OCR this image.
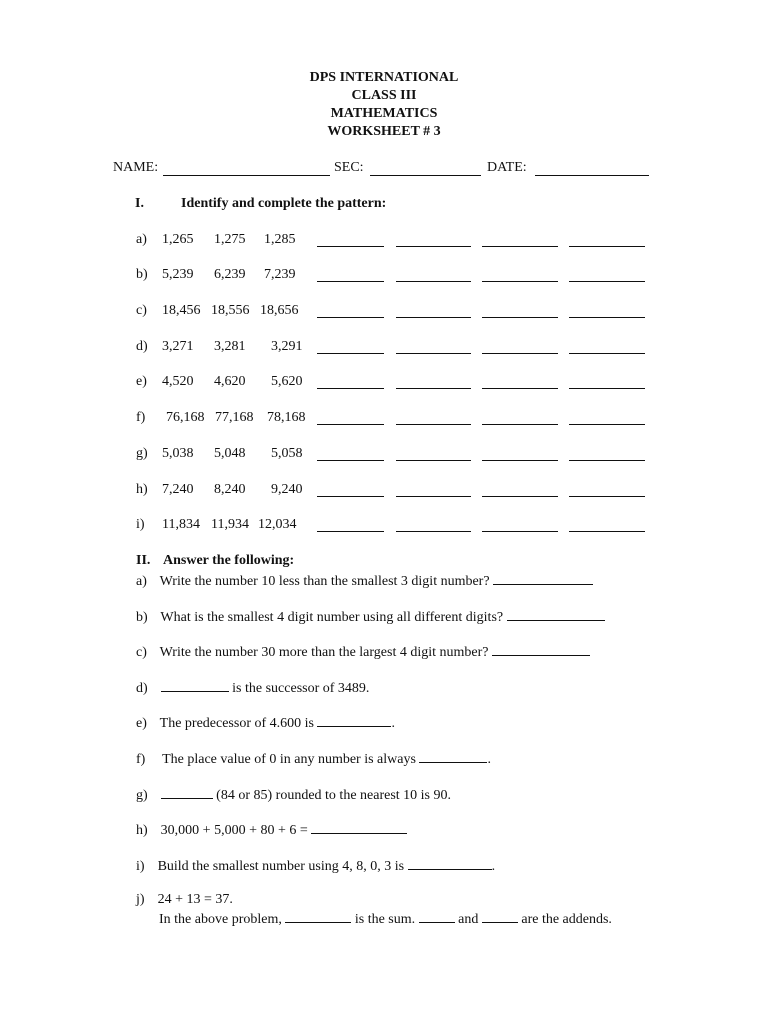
DPS INTERNATIONAL
CLASS III
MATHEMATICS
WORKSHEET # 3
NAME:	SEC:	DATE:
I.	Identify and complete the pattern:
a) 1,265 1,275 1,285
b) 5,239 6,239 7,239
c) 18,456 18,556 18,656
d) 3,271 3,281 3,291
e) 4,520 4,620 5,620
f) 76,168 77,168 78,168
g) 5,038 5,048 5,058
h) 7,240 8,240 9,240
i) 11,834 11,934 12,034
II. Answer the following:
a) Write the number 10 less than the smallest 3 digit number?
b) What is the smallest 4 digit number using all different digits?
c) Write the number 30 more than the largest 4 digit number?
d)	is the successor of 3489.
e) The predecessor of 4.600 is	.
f) The place value of 0 in any number is always	.
g)	(84 or 85) rounded to the nearest 10 is 90.
h) 30,000 + 5,000 + 80 + 6 =
i) Build the smallest number using 4, 8, 0, 3 is	.
j) 24 + 13 = 37.
In the above problem,	is the sum.	and	are the addends.
